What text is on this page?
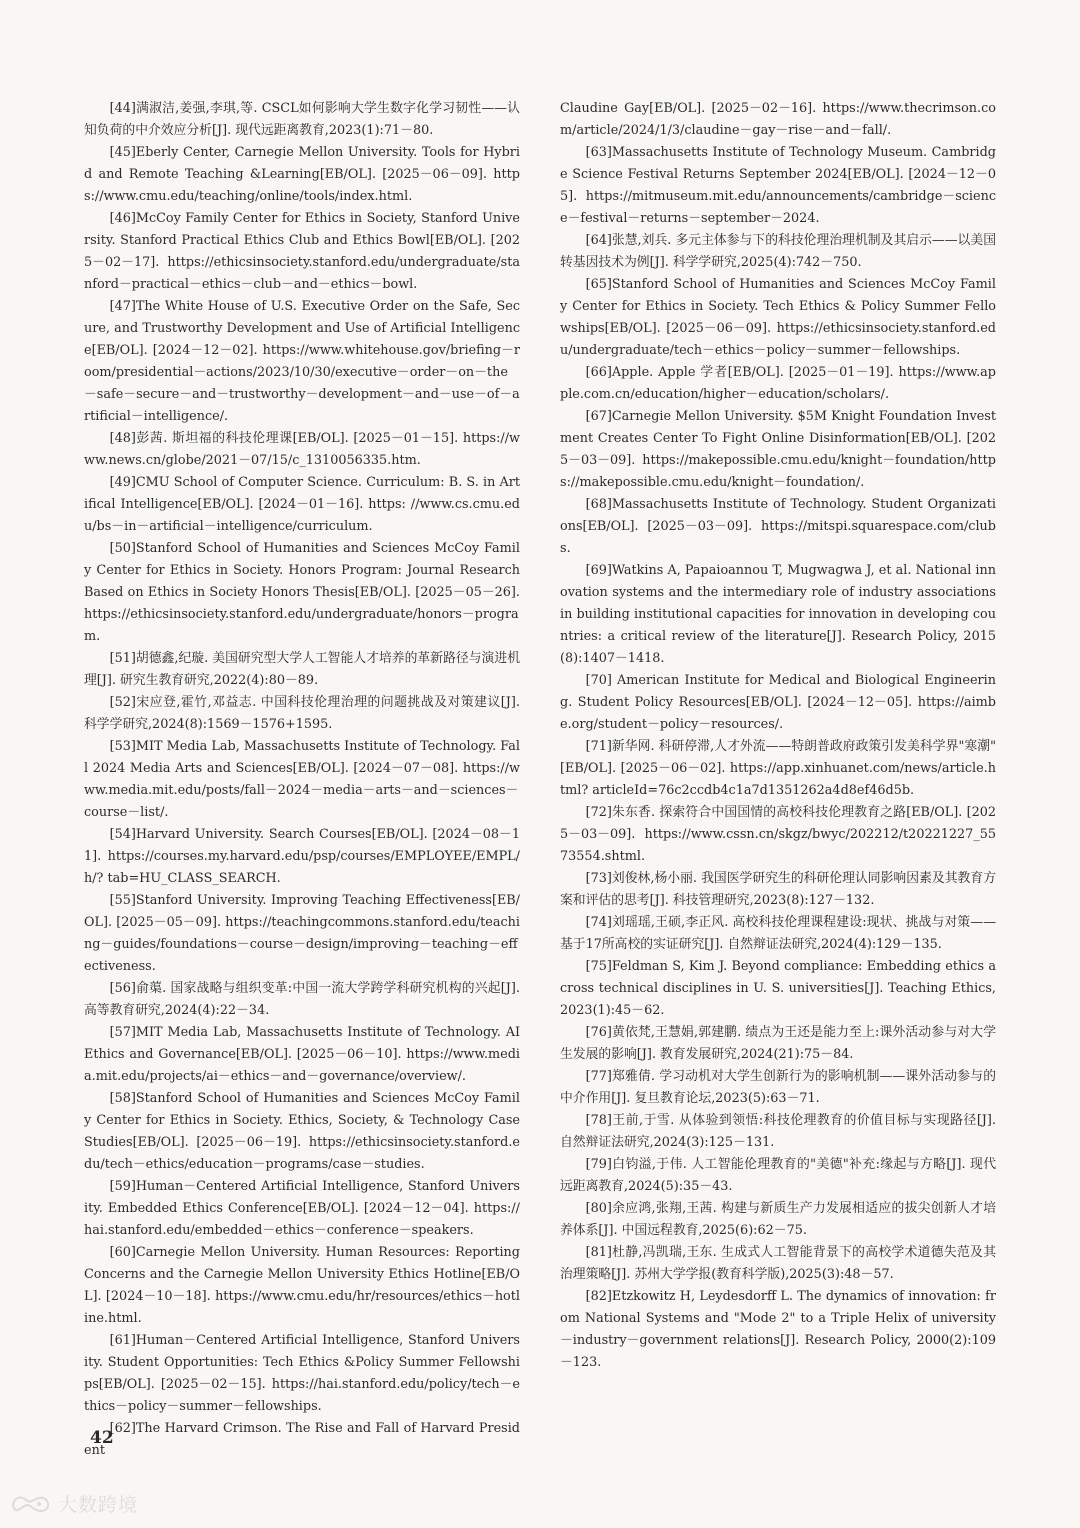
[44]满淑洁,姜强,李琪,等. CSCL如何影响大学生数字化学习韧性——认知负荷的中介效应分析[J]. 现代远距离教育,2023(1):71－80.

[45]Eberly Center, Carnegie Mellon University. Tools for Hybrid and Remote Teaching &Learning[EB/OL]. [2025－06－09]. https://www.cmu.edu/teaching/online/tools/index.html.

[46]McCoy Family Center for Ethics in Society, Stanford University. Stanford Practical Ethics Club and Ethics Bowl[EB/OL]. [2025－02－17]. https://ethicsinsociety.stanford.edu/undergraduate/stanford－practical－ethics－club－and－ethics－bowl.

[47]The White House of U.S. Executive Order on the Safe, Secure, and Trustworthy Development and Use of Artificial Intelligence[EB/OL]. [2024－12－02]. https://www.whitehouse.gov/briefing－room/presidential－actions/2023/10/30/executive－order－on－the－safe－secure－and－trustworthy－development－and－use－of－artificial－intelligence/.

[48]彭茜. 斯坦福的科技伦理课[EB/OL]. [2025－01－15]. https://www.news.cn/globe/2021－07/15/c_1310056335.htm.

[49]CMU School of Computer Science. Curriculum: B. S. in Artifical Intelligence[EB/OL]. [2024－01－16]. https: //www.cs.cmu.edu/bs－in－artificial－intelligence/curriculum.

[50]Stanford School of Humanities and Sciences McCoy Family Center for Ethics in Society. Honors Program: Journal Research Based on Ethics in Society Honors Thesis[EB/OL]. [2025－05－26]. https://ethicsinsociety.stanford.edu/undergraduate/honors－program.

[51]胡德鑫,纪璇. 美国研究型大学人工智能人才培养的革新路径与演进机理[J]. 研究生教育研究,2022(4):80－89.

[52]宋应登,霍竹,邓益志. 中国科技伦理治理的问题挑战及对策建议[J]. 科学学研究,2024(8):1569－1576+1595.

[53]MIT Media Lab, Massachusetts Institute of Technology. Fall 2024 Media Arts and Sciences[EB/OL]. [2024－07－08]. https://www.media.mit.edu/posts/fall－2024－media－arts－and－sciences－course－list/.

[54]Harvard University. Search Courses[EB/OL]. [2024－08－11]. https://courses.my.harvard.edu/psp/courses/EMPLOYEE/EMPL/h/? tab=HU_CLASS_SEARCH.

[55]Stanford University. Improving Teaching Effectiveness[EB/OL]. [2025－05－09]. https://teachingcommons.stanford.edu/teaching－guides/foundations－course－design/improving－teaching－effectiveness.

[56]俞蕖. 国家战略与组织变革:中国一流大学跨学科研究机构的兴起[J]. 高等教育研究,2024(4):22－34.

[57]MIT Media Lab, Massachusetts Institute of Technology. AI Ethics and Governance[EB/OL]. [2025－06－10]. https://www.media.mit.edu/projects/ai－ethics－and－governance/overview/.

[58]Stanford School of Humanities and Sciences McCoy Family Center for Ethics in Society. Ethics, Society, & Technology Case Studies[EB/OL]. [2025－06－19]. https://ethicsinsociety.stanford.edu/tech－ethics/education－programs/case－studies.

[59]Human－Centered Artificial Intelligence, Stanford University. Embedded Ethics Conference[EB/OL]. [2024－12－04]. https://hai.stanford.edu/embedded－ethics－conference－speakers.

[60]Carnegie Mellon University. Human Resources: Reporting Concerns and the Carnegie Mellon University Ethics Hotline[EB/OL]. [2024－10－18]. https://www.cmu.edu/hr/resources/ethics－hotline.html.

[61]Human－Centered Artificial Intelligence, Stanford University. Student Opportunities: Tech Ethics &Policy Summer Fellowships[EB/OL]. [2025－02－15]. https://hai.stanford.edu/policy/tech－ethics－policy－summer－fellowships.

[62]The Harvard Crimson. The Rise and Fall of Harvard President

Claudine Gay[EB/OL]. [2025－02－16]. https://www.thecrimson.com/article/2024/1/3/claudine－gay－rise－and－fall/.

[63]Massachusetts Institute of Technology Museum. Cambridge Science Festival Returns September 2024[EB/OL]. [2024－12－05]. https://mitmuseum.mit.edu/announcements/cambridge－science－festival－returns－september－2024.

[64]张慧,刘兵. 多元主体参与下的科技伦理治理机制及其启示——以美国转基因技术为例[J]. 科学学研究,2025(4):742－750.

[65]Stanford School of Humanities and Sciences McCoy Family Center for Ethics in Society. Tech Ethics & Policy Summer Fellowships[EB/OL]. [2025－06－09]. https://ethicsinsociety.stanford.edu/undergraduate/tech－ethics－policy－summer－fellowships.

[66]Apple. Apple 学者[EB/OL]. [2025－01－19]. https://www.apple.com.cn/education/higher－education/scholars/.

[67]Carnegie Mellon University. $5M Knight Foundation Investment Creates Center To Fight Online Disinformation[EB/OL]. [2025－03－09]. https://makepossible.cmu.edu/knight－foundation/https://makepossible.cmu.edu/knight－foundation/.

[68]Massachusetts Institute of Technology. Student Organizations[EB/OL]. [2025－03－09]. https://mitspi.squarespace.com/clubs.

[69]Watkins A, Papaioannou T, Mugwagwa J, et al. National innovation systems and the intermediary role of industry associations in building institutional capacities for innovation in developing countries: a critical review of the literature[J]. Research Policy, 2015(8):1407－1418.

[70] American Institute for Medical and Biological Engineering. Student Policy Resources[EB/OL]. [2024－12－05]. https://aimbe.org/student－policy－resources/.

[71]新华网. 科研停滞,人才外流——特朗普政府政策引发美科学界"寒潮"[EB/OL]. [2025－06－02]. https://app.xinhuanet.com/news/article.html? articleId=76c2ccdb4c1a7d1351262a4d8ef46d5b.

[72]朱东香. 探索符合中国国情的高校科技伦理教育之路[EB/OL]. [2025－03－09]. https://www.cssn.cn/skgz/bwyc/202212/t20221227_5573554.shtml.

[73]刘俊林,杨小丽. 我国医学研究生的科研伦理认同影响因素及其教育方案和评估的思考[J]. 科技管理研究,2023(8):127－132.

[74]刘瑶瑶,王硕,李正风. 高校科技伦理课程建设:现状、挑战与对策——基于17所高校的实证研究[J]. 自然辩证法研究,2024(4):129－135.

[75]Feldman S, Kim J. Beyond compliance: Embedding ethics across technical disciplines in U. S. universities[J]. Teaching Ethics, 2023(1):45－62.

[76]黄依梵,王慧娟,郭建鹏. 绩点为王还是能力至上:课外活动参与对大学生发展的影响[J]. 教育发展研究,2024(21):75－84.

[77]郑雅倩. 学习动机对大学生创新行为的影响机制——课外活动参与的中介作用[J]. 复旦教育论坛,2023(5):63－71.

[78]王前,于雪. 从体验到领悟:科技伦理教育的价值目标与实现路径[J]. 自然辩证法研究,2024(3):125－131.

[79]白钧溢,于伟. 人工智能伦理教育的"美德"补充:缘起与方略[J]. 现代远距离教育,2024(5):35－43.

[80]余应鸿,张翔,王茜. 构建与新质生产力发展相适应的拔尖创新人才培养体系[J]. 中国远程教育,2025(6):62－75.

[81]杜静,冯凯瑞,王东. 生成式人工智能背景下的高校学术道德失范及其治理策略[J]. 苏州大学学报(教育科学版),2025(3):48－57.

[82]Etzkowitz H, Leydesdorff L. The dynamics of innovation: from National Systems and "Mode 2" to a Triple Helix of university－industry－government relations[J]. Research Policy, 2000(2):109－123.

42
大数跨境
